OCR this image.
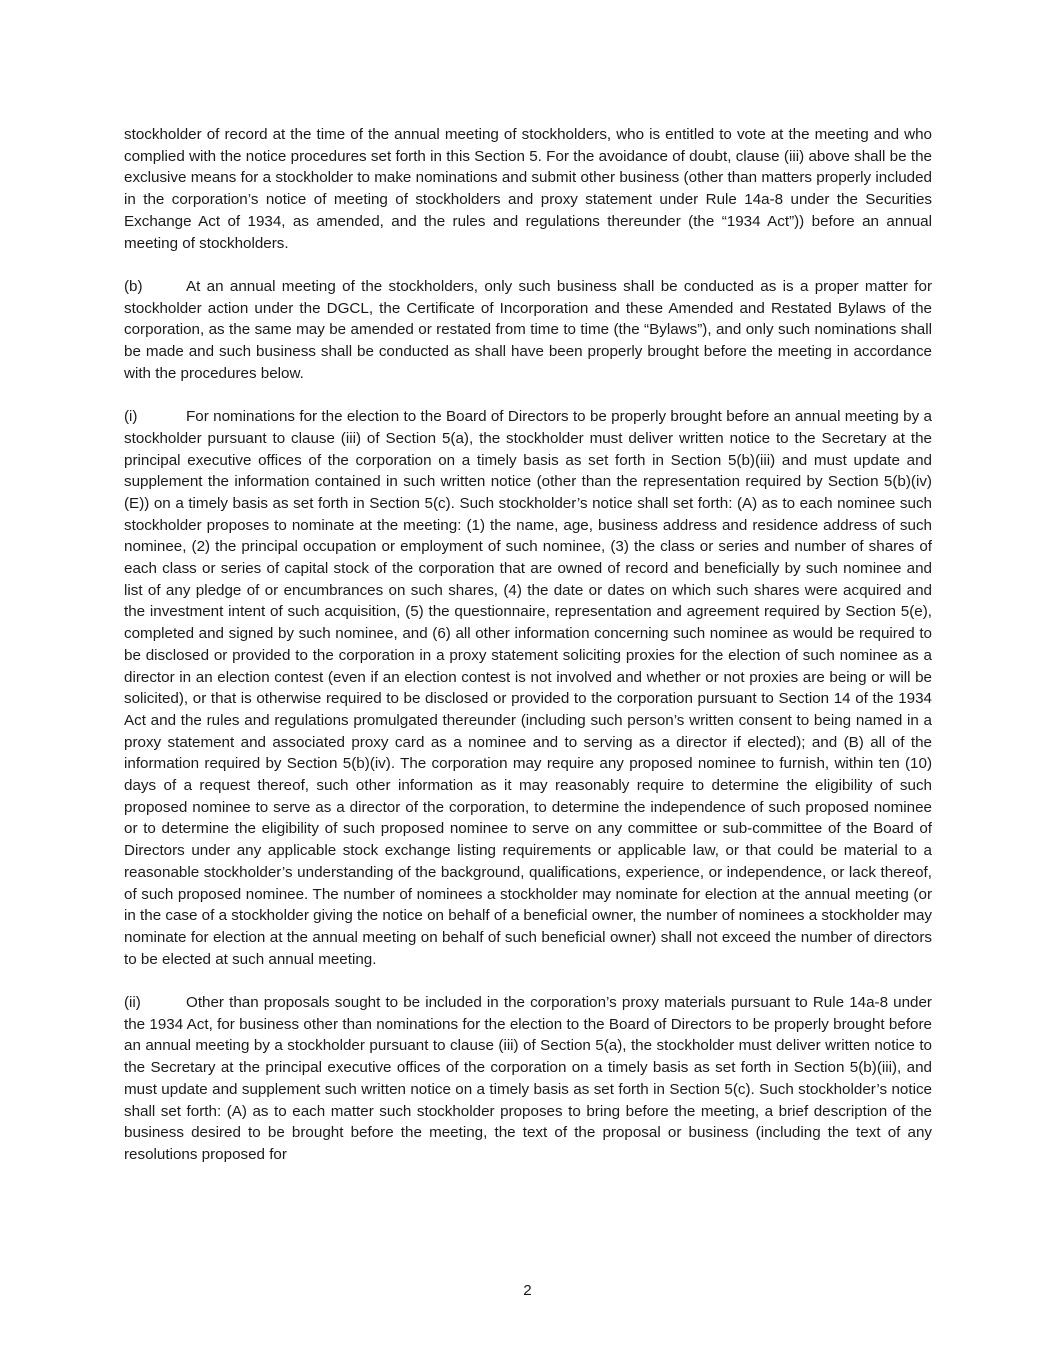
stockholder of record at the time of the annual meeting of stockholders, who is entitled to vote at the meeting and who complied with the notice procedures set forth in this Section 5. For the avoidance of doubt, clause (iii) above shall be the exclusive means for a stockholder to make nominations and submit other business (other than matters properly included in the corporation’s notice of meeting of stockholders and proxy statement under Rule 14a-8 under the Securities Exchange Act of 1934, as amended, and the rules and regulations thereunder (the “1934 Act”)) before an annual meeting of stockholders.

(b)	At an annual meeting of the stockholders, only such business shall be conducted as is a proper matter for stockholder action under the DGCL, the Certificate of Incorporation and these Amended and Restated Bylaws of the corporation, as the same may be amended or restated from time to time (the “Bylaws”), and only such nominations shall be made and such business shall be conducted as shall have been properly brought before the meeting in accordance with the procedures below.

(i)	For nominations for the election to the Board of Directors to be properly brought before an annual meeting by a stockholder pursuant to clause (iii) of Section 5(a), the stockholder must deliver written notice to the Secretary at the principal executive offices of the corporation on a timely basis as set forth in Section 5(b)(iii) and must update and supplement the information contained in such written notice (other than the representation required by Section 5(b)(iv)(E)) on a timely basis as set forth in Section 5(c). Such stockholder’s notice shall set forth: (A) as to each nominee such stockholder proposes to nominate at the meeting: (1) the name, age, business address and residence address of such nominee, (2) the principal occupation or employment of such nominee, (3) the class or series and number of shares of each class or series of capital stock of the corporation that are owned of record and beneficially by such nominee and list of any pledge of or encumbrances on such shares, (4) the date or dates on which such shares were acquired and the investment intent of such acquisition, (5) the questionnaire, representation and agreement required by Section 5(e), completed and signed by such nominee, and (6) all other information concerning such nominee as would be required to be disclosed or provided to the corporation in a proxy statement soliciting proxies for the election of such nominee as a director in an election contest (even if an election contest is not involved and whether or not proxies are being or will be solicited), or that is otherwise required to be disclosed or provided to the corporation pursuant to Section 14 of the 1934 Act and the rules and regulations promulgated thereunder (including such person’s written consent to being named in a proxy statement and associated proxy card as a nominee and to serving as a director if elected); and (B) all of the information required by Section 5(b)(iv). The corporation may require any proposed nominee to furnish, within ten (10) days of a request thereof, such other information as it may reasonably require to determine the eligibility of such proposed nominee to serve as a director of the corporation, to determine the independence of such proposed nominee or to determine the eligibility of such proposed nominee to serve on any committee or sub-committee of the Board of Directors under any applicable stock exchange listing requirements or applicable law, or that could be material to a reasonable stockholder’s understanding of the background, qualifications, experience, or independence, or lack thereof, of such proposed nominee. The number of nominees a stockholder may nominate for election at the annual meeting (or in the case of a stockholder giving the notice on behalf of a beneficial owner, the number of nominees a stockholder may nominate for election at the annual meeting on behalf of such beneficial owner) shall not exceed the number of directors to be elected at such annual meeting.

(ii)	Other than proposals sought to be included in the corporation’s proxy materials pursuant to Rule 14a-8 under the 1934 Act, for business other than nominations for the election to the Board of Directors to be properly brought before an annual meeting by a stockholder pursuant to clause (iii) of Section 5(a), the stockholder must deliver written notice to the Secretary at the principal executive offices of the corporation on a timely basis as set forth in Section 5(b)(iii), and must update and supplement such written notice on a timely basis as set forth in Section 5(c). Such stockholder’s notice shall set forth: (A) as to each matter such stockholder proposes to bring before the meeting, a brief description of the business desired to be brought before the meeting, the text of the proposal or business (including the text of any resolutions proposed for

2
